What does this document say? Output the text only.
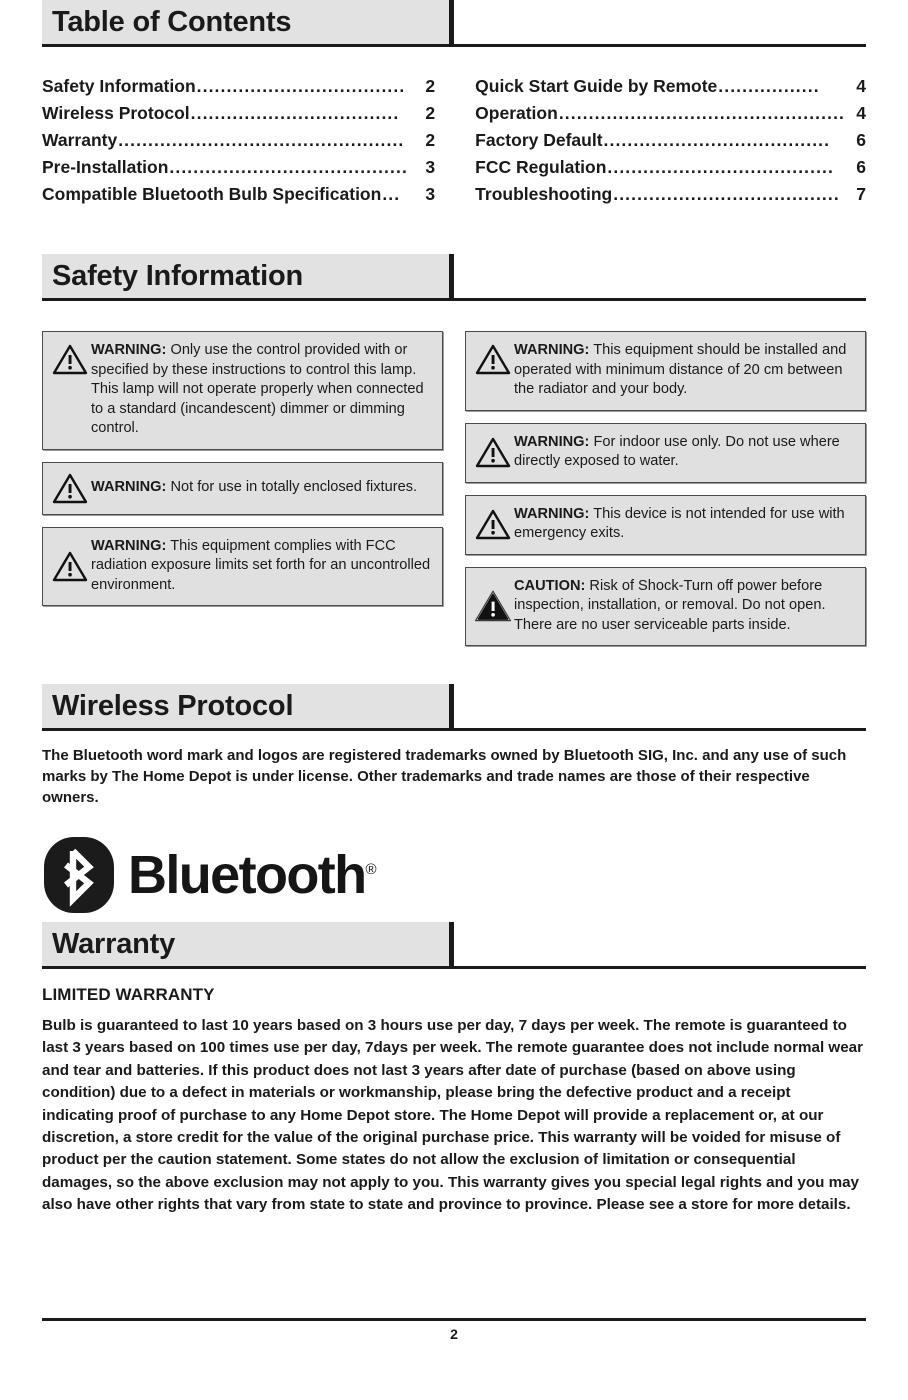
Table of Contents
Safety Information ...................................	2
Wireless Protocol ...................................	2
Warranty ................................................	2
Pre-Installation ........................................	3
Compatible Bluetooth Bulb Specification ...	3
Quick Start Guide by Remote .................	4
Operation ................................................ 4
Factory Default ......................................	6
FCC Regulation ......................................	6
Troubleshooting ...................................... 7
Safety Information
WARNING: Only use the control provided with or specified by these instructions to control this lamp. This lamp will not operate properly when connected to a standard (incandescent) dimmer or dimming control.
WARNING: Not for use in totally enclosed fixtures.
WARNING: This equipment complies with FCC radiation exposure limits set forth for an uncontrolled environment.
WARNING: This equipment should be installed and operated with minimum distance of 20 cm between the radiator and your body.
WARNING: For indoor use only. Do not use where directly exposed to water.
WARNING: This device is not intended for use with emergency exits.
CAUTION: Risk of Shock-Turn off power before inspection, installation, or removal. Do not open. There are no user serviceable parts inside.
Wireless Protocol
The Bluetooth word mark and logos are registered trademarks owned by Bluetooth SIG, Inc. and any use of such marks by The Home Depot is under license. Other trademarks and trade names are those of their respective owners.
Bluetooth®
Warranty
LIMITED WARRANTY
Bulb is guaranteed to last 10 years based on 3 hours use per day, 7 days per week. The remote is guaranteed to last 3 years based on 100 times use per day, 7days per week. The remote guarantee does not include normal wear and tear and batteries. If this product does not last 3 years after date of purchase (based on above using condition) due to a defect in materials or workmanship, please bring the defective product and a receipt indicating proof of purchase to any Home Depot store. The Home Depot will provide a replacement or, at our discretion, a store credit for the value of the original purchase price. This warranty will be voided for misuse of product per the caution statement. Some states do not allow the exclusion of limitation or consequential damages, so the above exclusion may not apply to you. This warranty gives you special legal rights and you may also have other rights that vary from state to state and province to province. Please see a store for more details.
2
